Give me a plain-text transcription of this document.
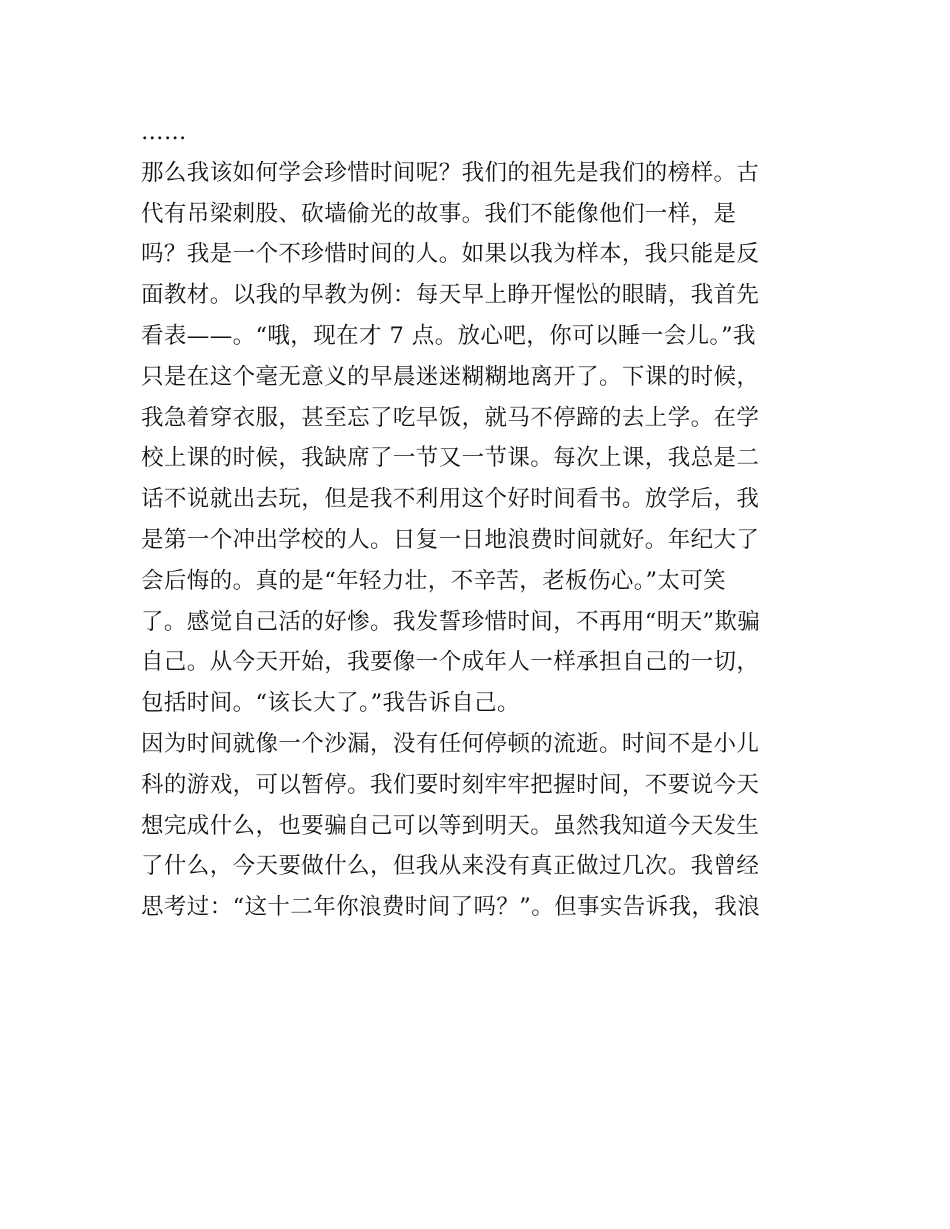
……
那么我该如何学会珍惜时间呢？我们的祖先是我们的榜样。古
代有吊梁刺股、砍墙偷光的故事。我们不能像他们一样，是
吗？我是一个不珍惜时间的人。如果以我为样本，我只能是反
面教材。以我的早教为例：每天早上睁开惺忪的眼睛，我首先
看表——。“哦，现在才 7 点。放心吧，你可以睡一会儿。”我
只是在这个毫无意义的早晨迷迷糊糊地离开了。下课的时候，
我急着穿衣服，甚至忘了吃早饭，就马不停蹄的去上学。在学
校上课的时候，我缺席了一节又一节课。每次上课，我总是二
话不说就出去玩，但是我不利用这个好时间看书。放学后，我
是第一个冲出学校的人。日复一日地浪费时间就好。年纪大了
会后悔的。真的是“年轻力壮，不辛苦，老板伤心。”太可笑
了。感觉自己活的好惨。我发誓珍惜时间，不再用“明天”欺骗
自己。从今天开始，我要像一个成年人一样承担自己的一切，
包括时间。“该长大了。”我告诉自己。
因为时间就像一个沙漏，没有任何停顿的流逝。时间不是小儿
科的游戏，可以暂停。我们要时刻牢牢把握时间，不要说今天
想完成什么，也要骗自己可以等到明天。虽然我知道今天发生
了什么，今天要做什么，但我从来没有真正做过几次。我曾经
思考过：“这十二年你浪费时间了吗？”。但事实告诉我，我浪
